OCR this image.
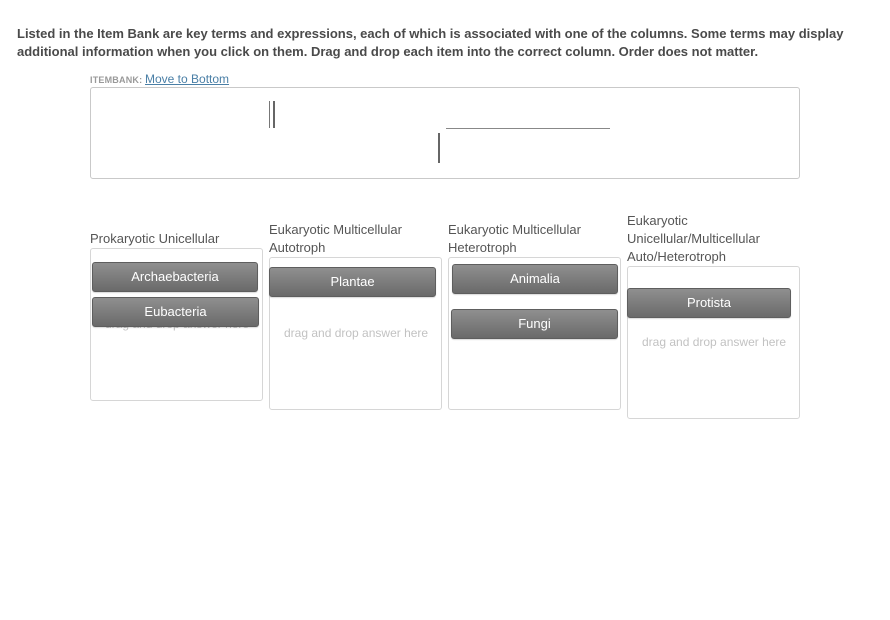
Listed in the Item Bank are key terms and expressions, each of which is associated with one of the columns. Some terms may display additional information when you click on them. Drag and drop each item into the correct column. Order does not matter.
ITEMBANK: Move to Bottom
Prokaryotic Unicellular
Archaebacteria
Eubacteria
Eukaryotic Multicellular Autotroph
drag and drop answer here
Plantae
Eukaryotic Multicellular Heterotroph
Animalia
Fungi
Eukaryotic Unicellular/Multicellular Auto/Heterotroph
drag and drop answer here
Protista
